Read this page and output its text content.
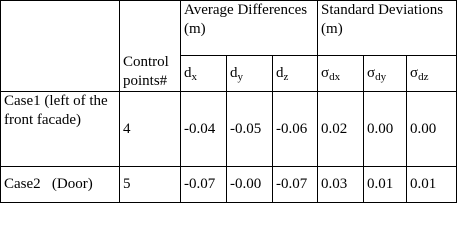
	Control points#	Average Differences (m)			Standard Deviations (m)		
		$d_x$	$d_y$	$d_z$	$\sigma_{dx}$	$\sigma_{dy}$	$\sigma_{dz}$
Case1 (left of the front facade)	4	-0.04	-0.05	-0.06	0.02	0.00	0.00
Case2   (Door)	5	-0.07	-0.00	-0.07	0.03	0.01	0.01
